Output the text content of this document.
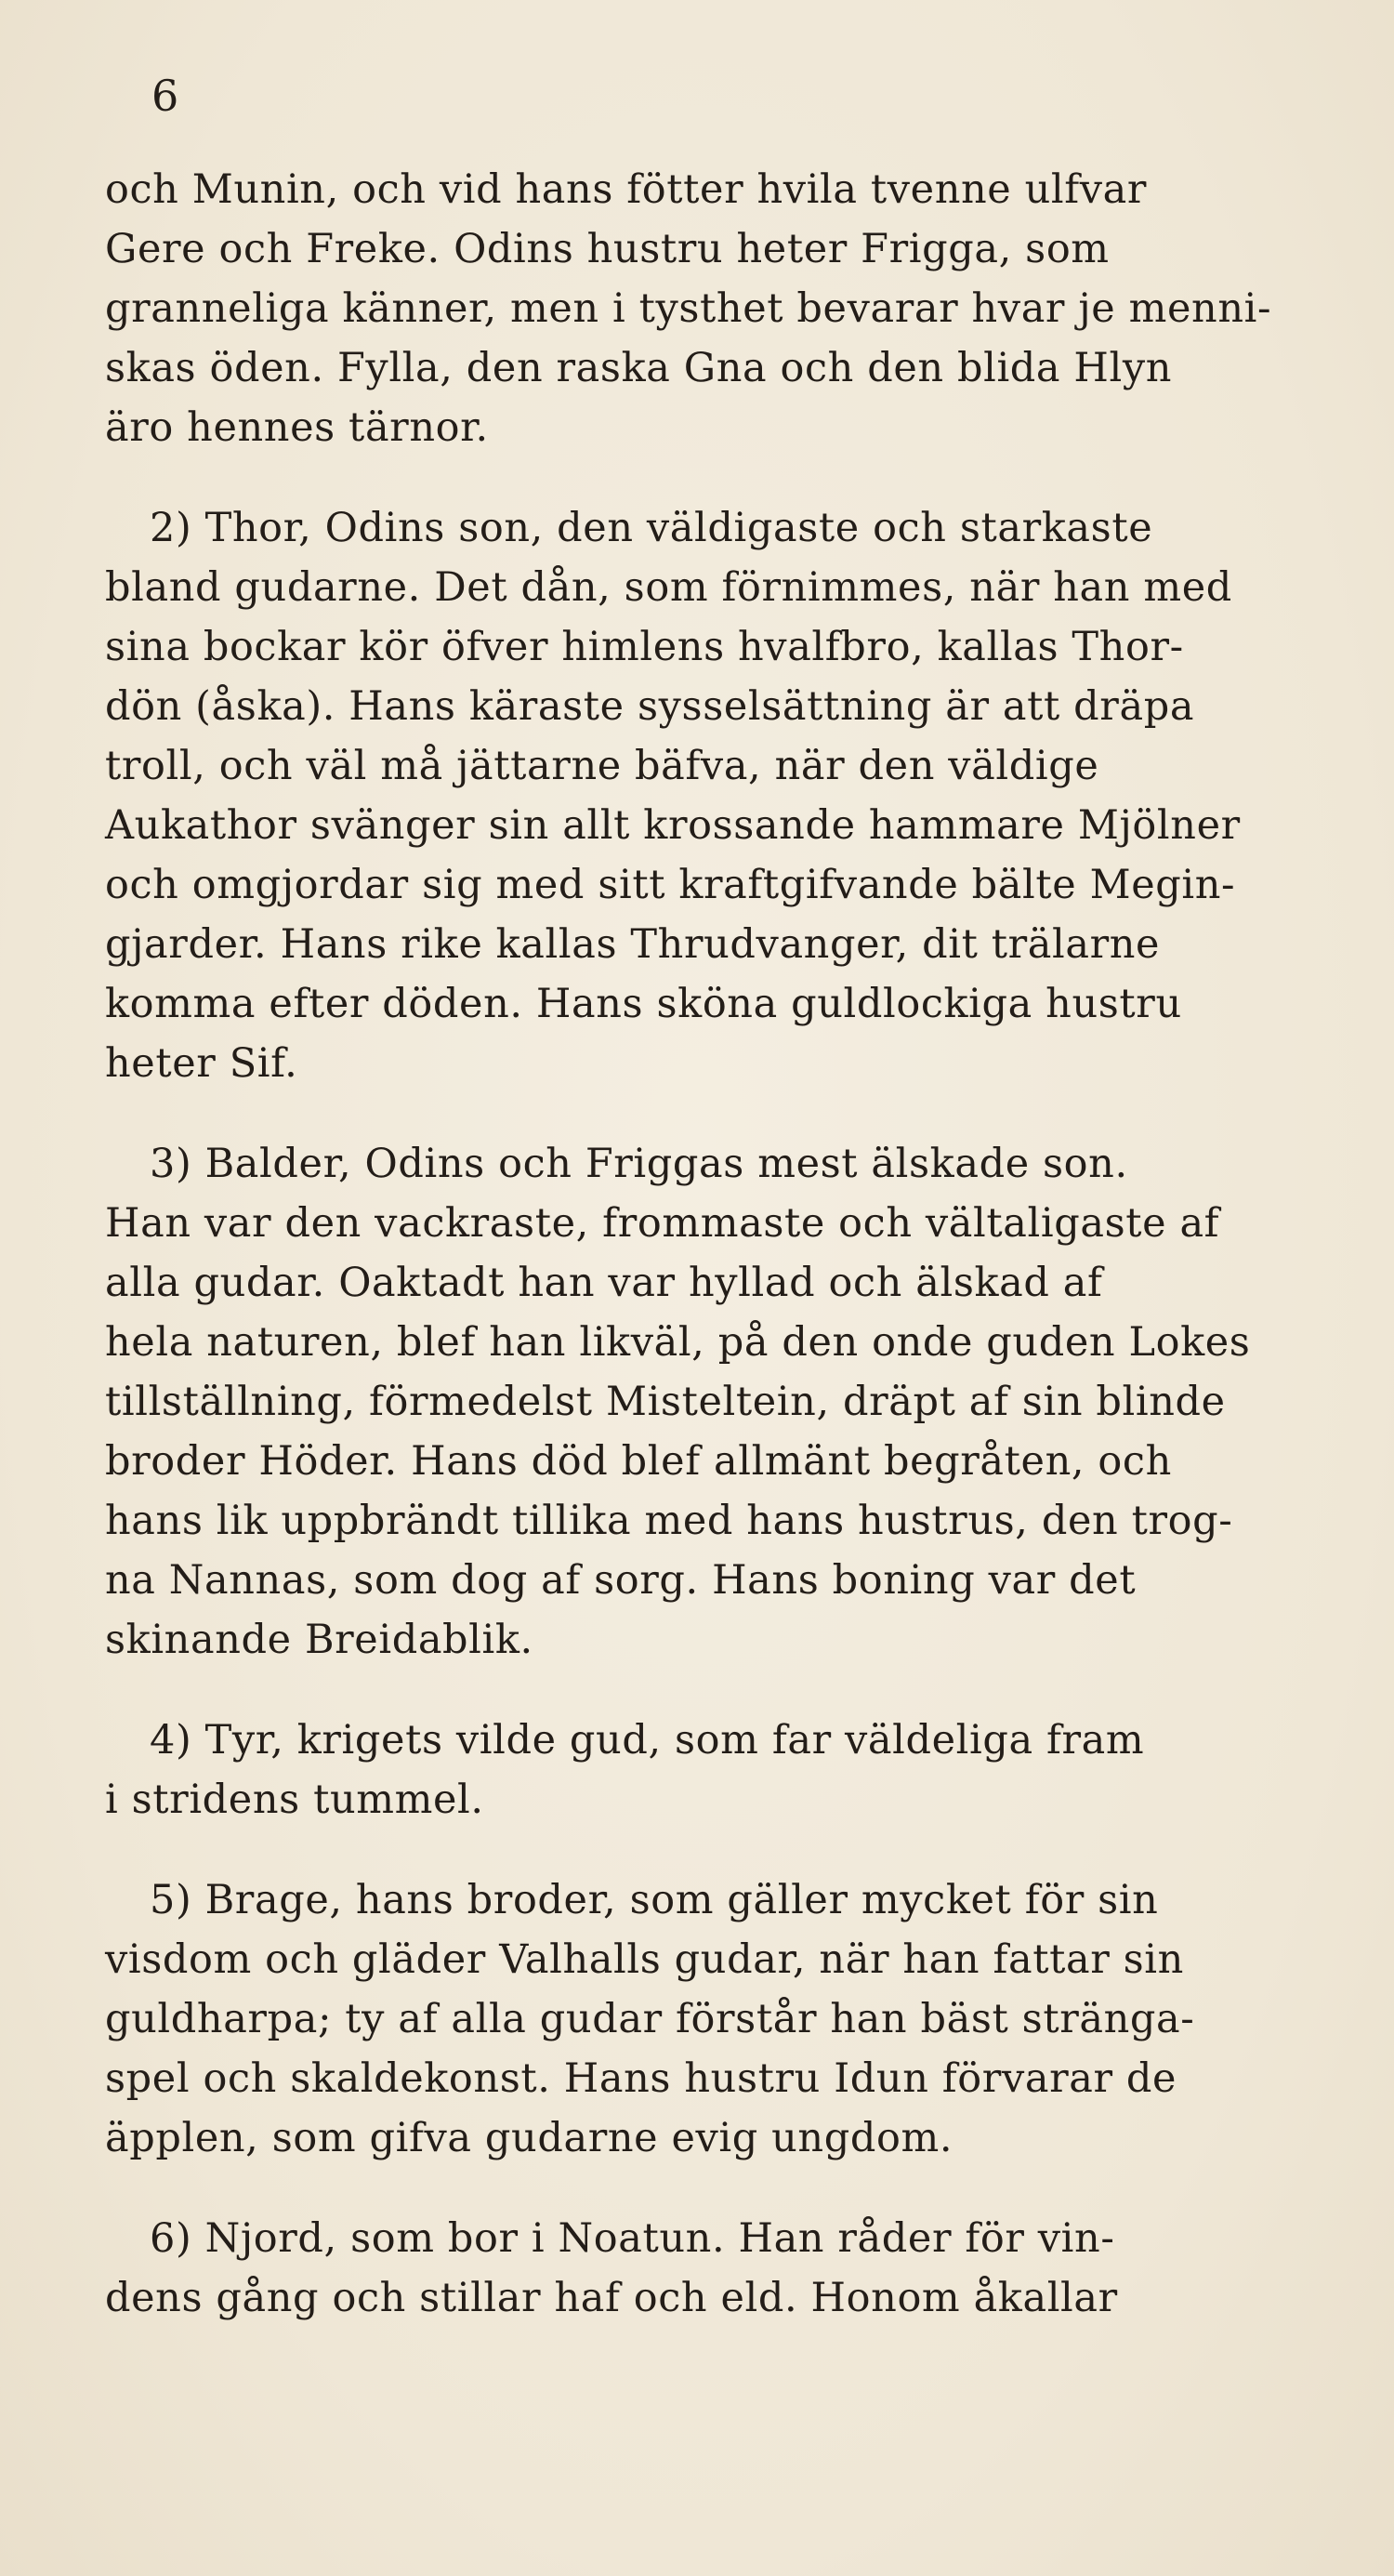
6
och Munin, och vid hans fötter hvila tvenne ulfvar
Gere och Freke. Odins hustru heter Frigga, som
granneliga känner, men i tysthet bevarar hvar je menni-
skas öden. Fylla, den raska Gna och den blida Hlyn
äro hennes tärnor.
2) Thor, Odins son, den väldigaste och starkaste
bland gudarne. Det dån, som förnimmes, när han med
sina bockar kör öfver himlens hvalfbro, kallas Thor-
dön (åska). Hans käraste sysselsättning är att dräpa
troll, och väl må jättarne bäfva, när den väldige
Aukathor svänger sin allt krossande hammare Mjölner
och omgjordar sig med sitt kraftgifvande bälte Megin-
gjarder. Hans rike kallas Thrudvanger, dit trälarne
komma efter döden. Hans sköna guldlockiga hustru
heter Sif.
3) Balder, Odins och Friggas mest älskade son.
Han var den vackraste, frommaste och vältaligaste af
alla gudar. Oaktadt han var hyllad och älskad af
hela naturen, blef han likväl, på den onde guden Lokes
tillställning, förmedelst Misteltein, dräpt af sin blinde
broder Höder. Hans död blef allmänt begråten, och
hans lik uppbrändt tillika med hans hustrus, den trog-
na Nannas, som dog af sorg. Hans boning var det
skinande Breidablik.
4) Tyr, krigets vilde gud, som far väldeliga fram
i stridens tummel.
5) Brage, hans broder, som gäller mycket för sin
visdom och gläder Valhalls gudar, när han fattar sin
guldharpa; ty af alla gudar förstår han bäst stränga-
spel och skaldekonst. Hans hustru Idun förvarar de
äpplen, som gifva gudarne evig ungdom.
6) Njord, som bor i Noatun. Han råder för vin-
dens gång och stillar haf och eld. Honom åkallar
